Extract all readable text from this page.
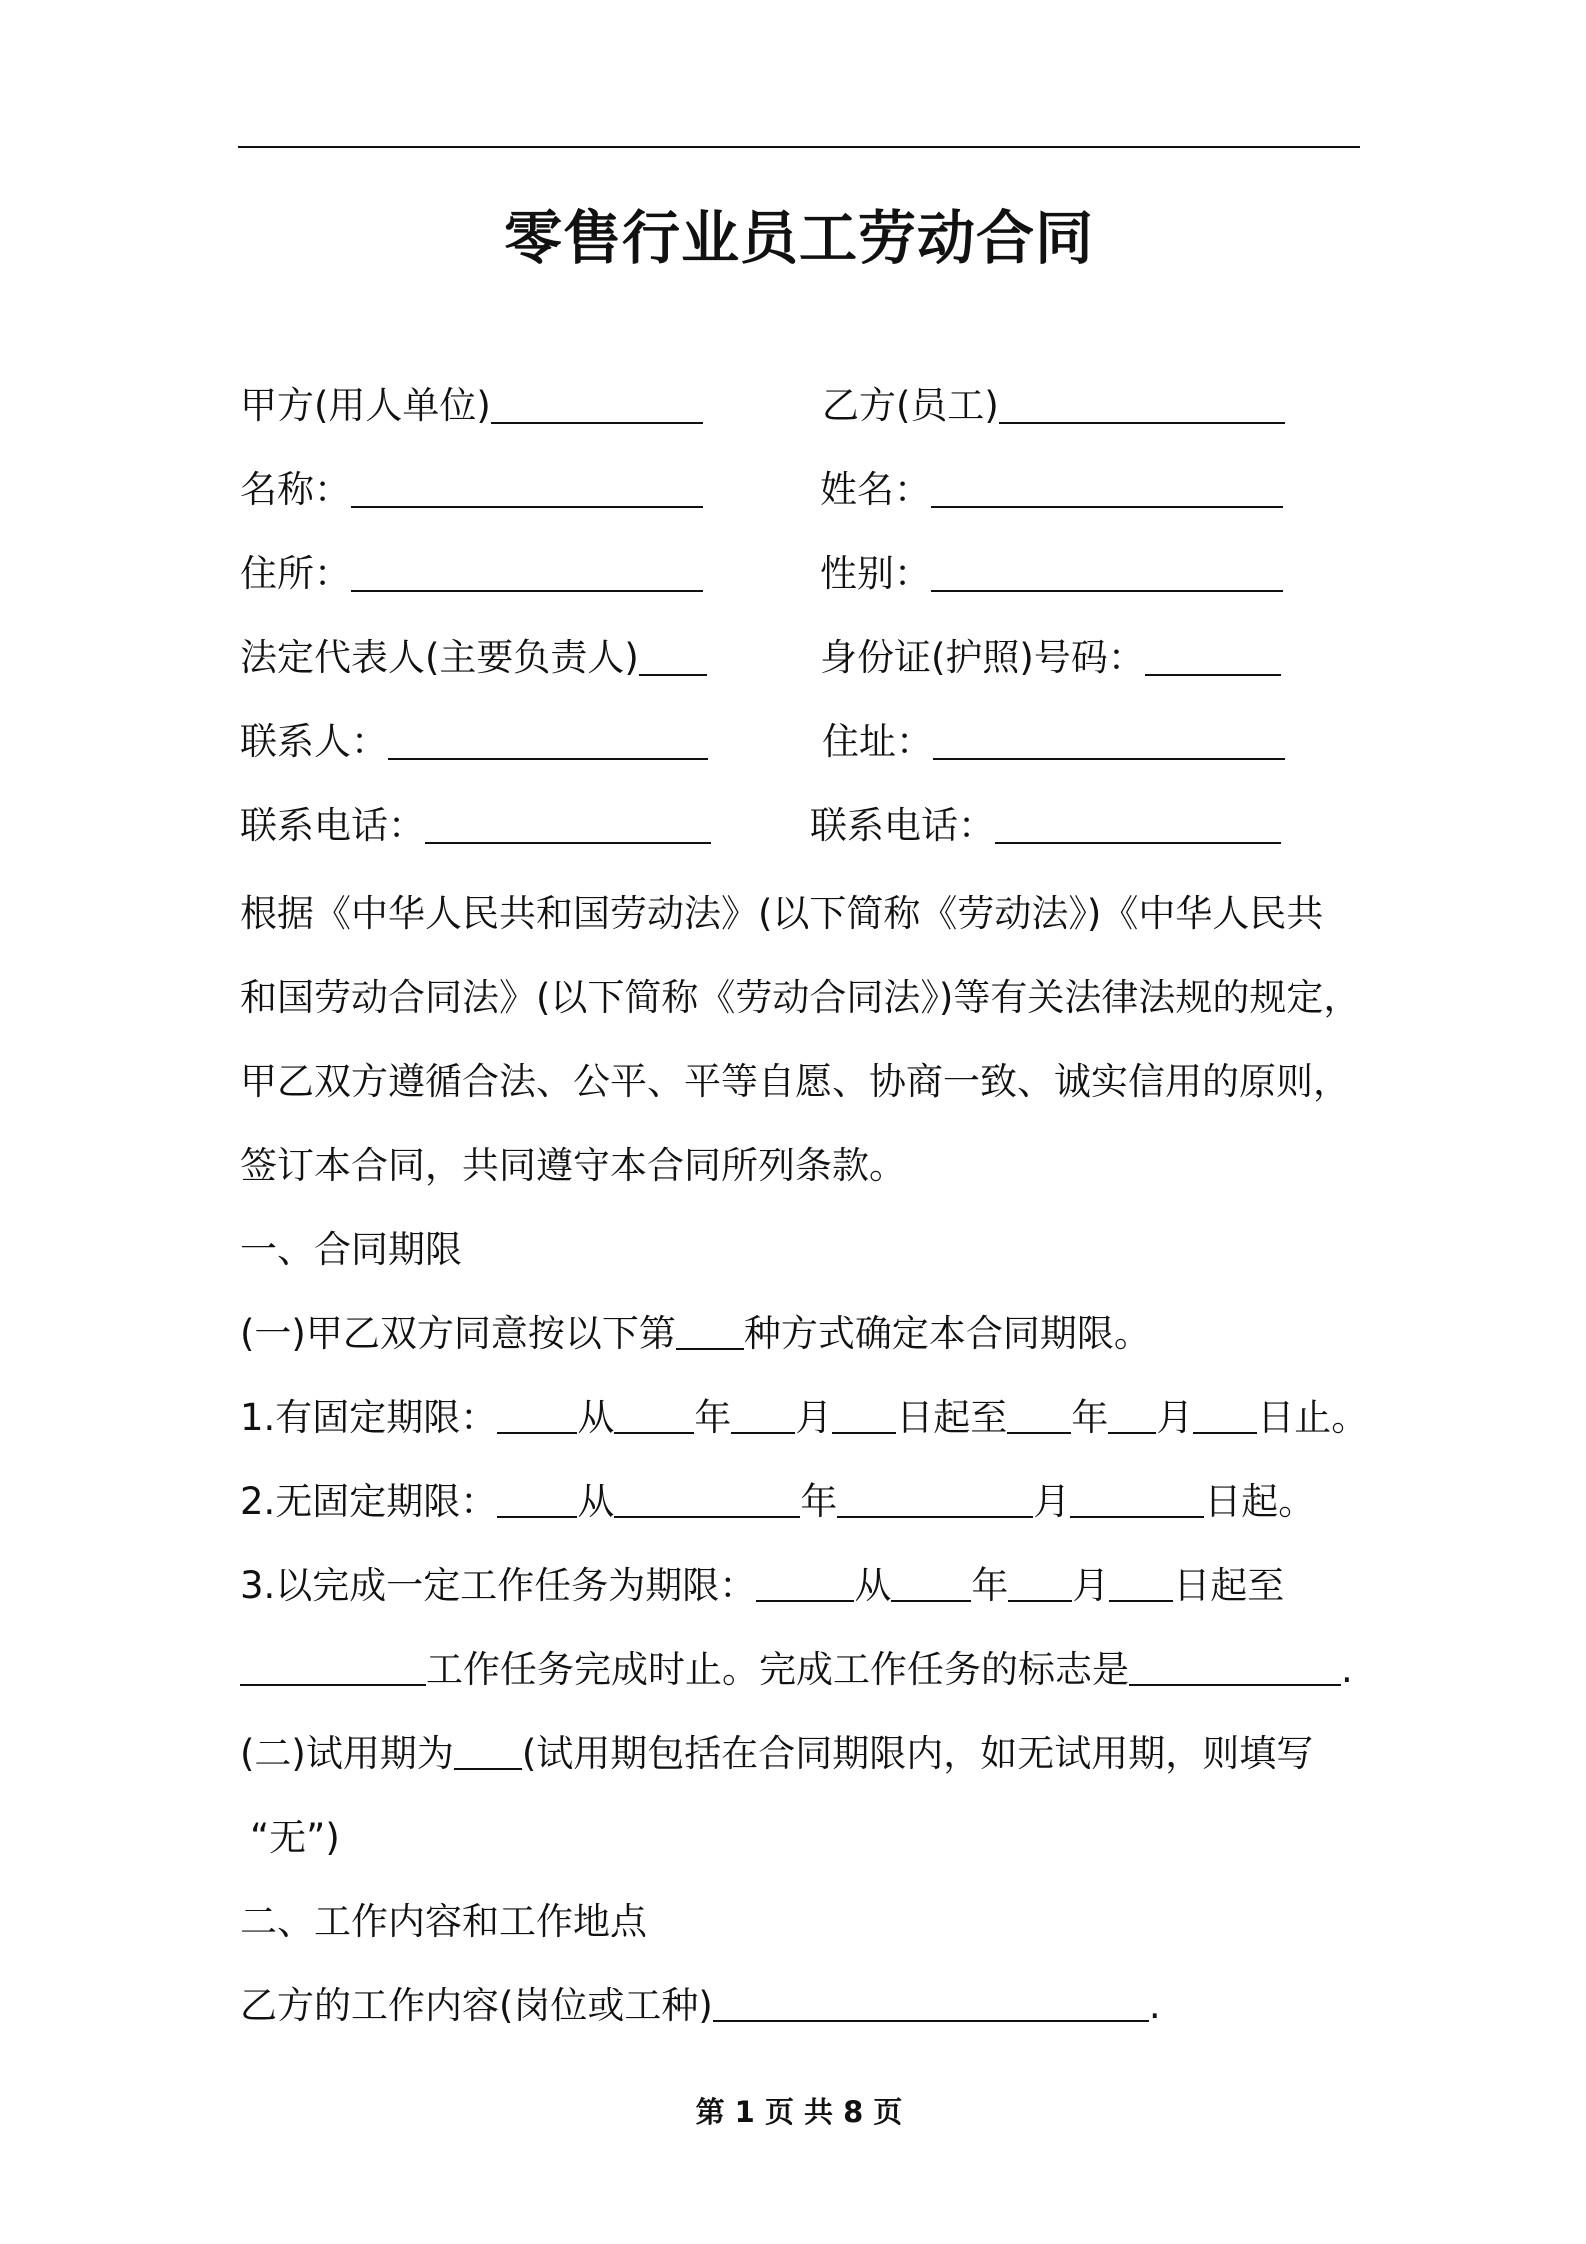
零售行业员工劳动合同
甲方(用人单位)	乙方(员工)
名称：	姓名：
住所：	性别：
法定代表人(主要负责人)	身份证(护照)号码：
联系人：	住址：
联系电话：	联系电话：
根据《中华人民共和国劳动法》(以下简称《劳动法》)《中华人民共
和国劳动合同法》(以下简称《劳动合同法》)等有关法律法规的规定，
甲乙双方遵循合法、公平、平等自愿、协商一致、诚实信用的原则，
签订本合同，共同遵守本合同所列条款。
一、合同期限
(一)甲乙双方同意按以下第 种方式确定本合同期限。
1.有固定期限： 从 年 月 日起至 年 月 日止。
2.无固定期限： 从	年	月	日起。
3.以完成一定工作任务为期限：	从 年 月 日起至
工作任务完成时止。完成工作任务的标志是	.
(二)试用期为 (试用期包括在合同期限内，如无试用期，则填写
“无”)
二、工作内容和工作地点
乙方的工作内容(岗位或工种)	.
第 1 页 共 8 页
